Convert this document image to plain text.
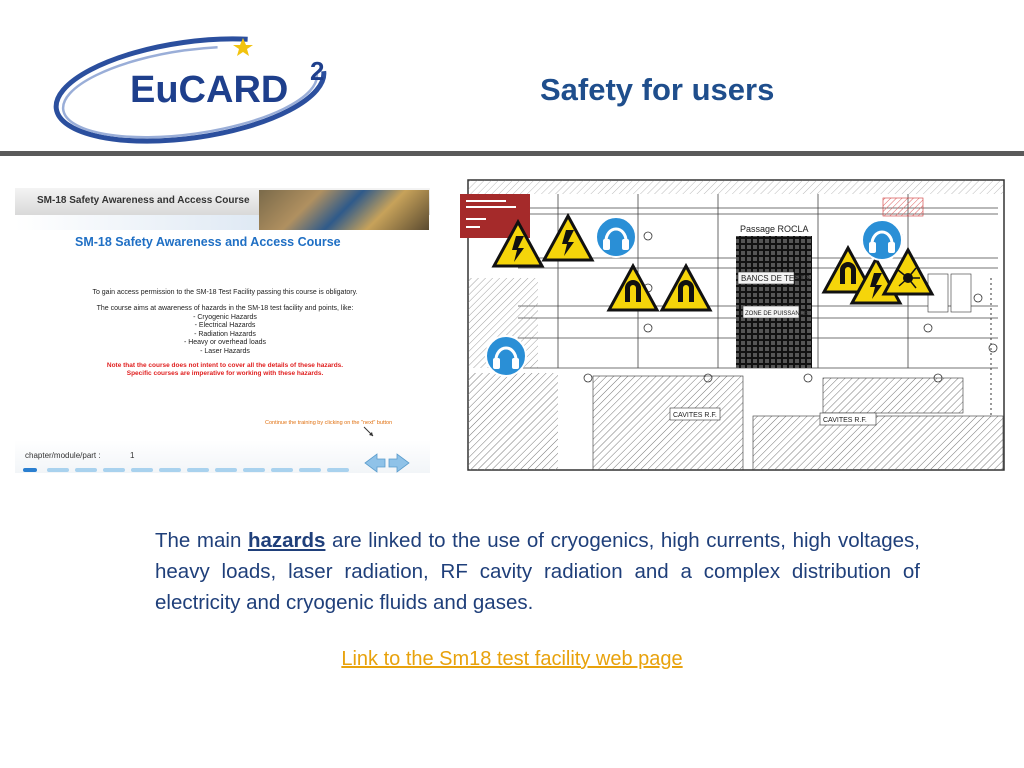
EuCARD 2
Safety for users
SM-18 Safety Awareness and Access Course
SM-18 Safety Awareness and Access Course
To gain access permission to the SM-18 Test Facility passing this course is obligatory.
The course aims at awareness of hazards in the SM-18 test facility and points, like:
- Cryogenic Hazards
- Electrical Hazards
- Radiation Hazards
- Heavy or overhead loads
- Laser Hazards
Note that the course does not intent to cover all the details of these hazards.
Specific courses are imperative for working with these hazards.
Continue the training by clicking on the "next" button
chapter/module/part :	1
BANCS DE TESTS
ZONE DE PUISSANCE
Passage ROCLA
CAVITES R.F.
CAVITES R.F.
The main hazards are linked to the use of cryogenics, high currents, high voltages, heavy loads, laser radiation, RF cavity radiation and a complex distribution of electricity and cryogenic fluids and gases.
Link to the Sm18 test facility web page
